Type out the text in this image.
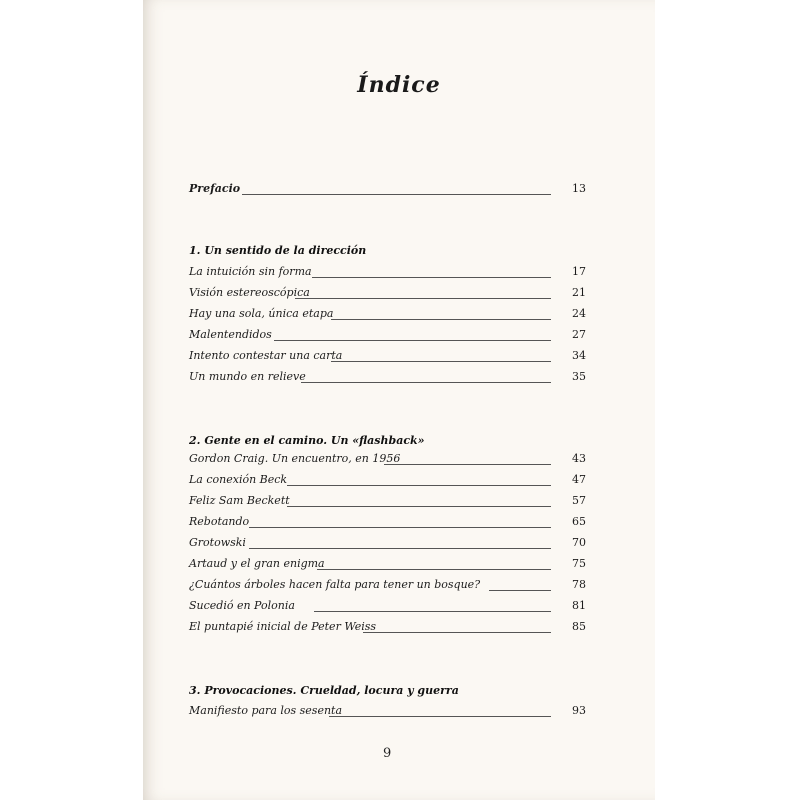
Índice
Prefacio	13
1. Un sentido de la dirección
La intuición sin forma	17
Visión estereoscópica	21
Hay una sola, única etapa	24
Malentendidos	27
Intento contestar una carta	34
Un mundo en relieve	35
2. Gente en el camino. Un «flashback»
Gordon Craig. Un encuentro, en 1956	43
La conexión Beck	47
Feliz Sam Beckett	57
Rebotando	65
Grotowski	70
Artaud y el gran enigma	75
¿Cuántos árboles hacen falta para tener un bosque?	78
Sucedió en Polonia	81
El puntapié inicial de Peter Weiss	85
3. Provocaciones. Crueldad, locura y guerra
Manifiesto para los sesenta	93
9
